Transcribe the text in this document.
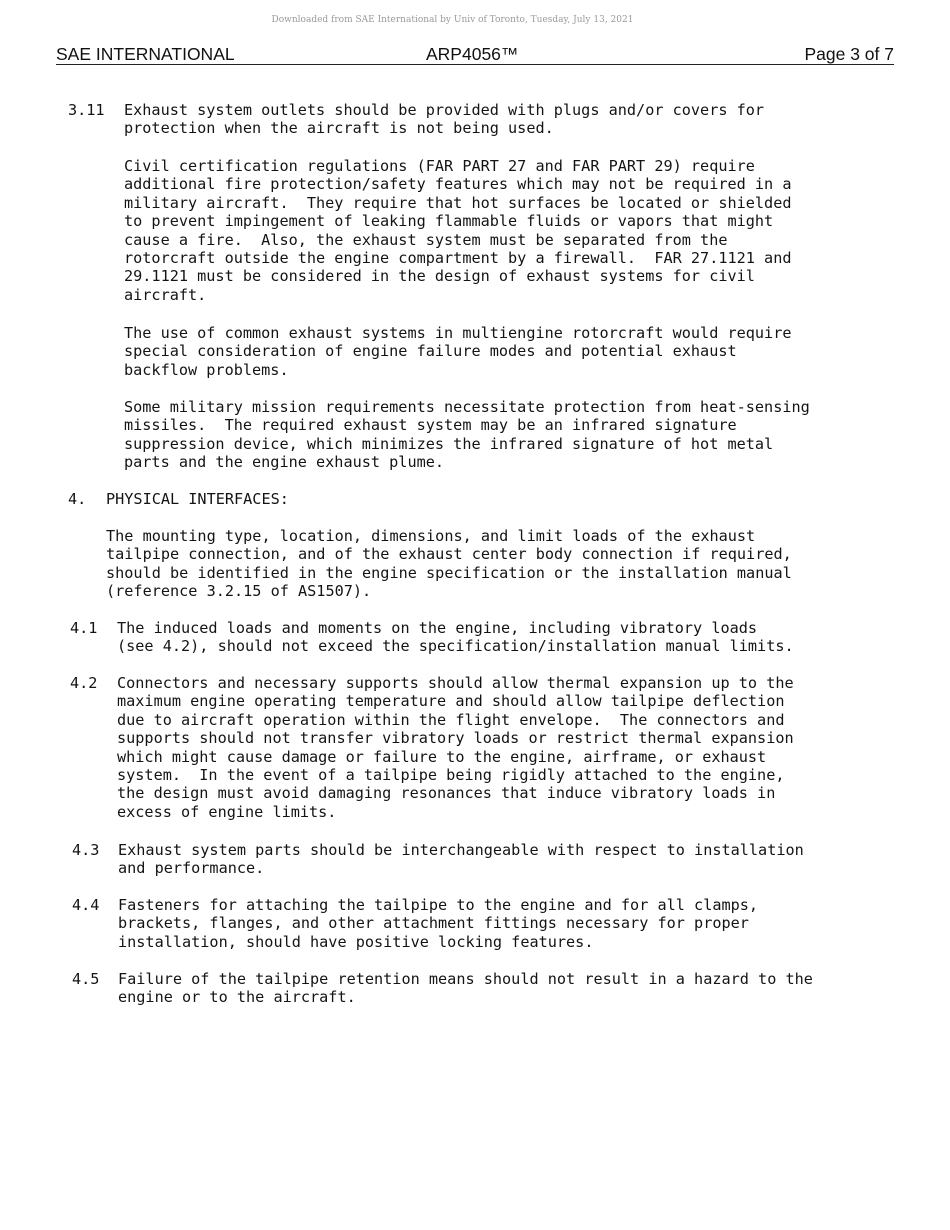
Downloaded from SAE International by Univ of Toronto, Tuesday, July 13, 2021
SAE INTERNATIONAL	ARP4056™	Page 3 of 7
3.11 Exhaust system outlets should be provided with plugs and/or covers for
protection when the aircraft is not being used.
Civil certification regulations (FAR PART 27 and FAR PART 29) require
additional fire protection/safety features which may not be required in a
military aircraft.  They require that hot surfaces be located or shielded
to prevent impingement of leaking flammable fluids or vapors that might
cause a fire.  Also, the exhaust system must be separated from the
rotorcraft outside the engine compartment by a firewall.  FAR 27.1121 and
29.1121 must be considered in the design of exhaust systems for civil
aircraft.
The use of common exhaust systems in multiengine rotorcraft would require
special consideration of engine failure modes and potential exhaust
backflow problems.
Some military mission requirements necessitate protection from heat-sensing
missiles.  The required exhaust system may be an infrared signature
suppression device, which minimizes the infrared signature of hot metal
parts and the engine exhaust plume.
4. PHYSICAL INTERFACES:
The mounting type, location, dimensions, and limit loads of the exhaust
tailpipe connection, and of the exhaust center body connection if required,
should be identified in the engine specification or the installation manual
(reference 3.2.15 of AS1507).
4.1 The induced loads and moments on the engine, including vibratory loads
(see 4.2), should not exceed the specification/installation manual limits.
4.2 Connectors and necessary supports should allow thermal expansion up to the
maximum engine operating temperature and should allow tailpipe deflection
due to aircraft operation within the flight envelope.  The connectors and
supports should not transfer vibratory loads or restrict thermal expansion
which might cause damage or failure to the engine, airframe, or exhaust
system.  In the event of a tailpipe being rigidly attached to the engine,
the design must avoid damaging resonances that induce vibratory loads in
excess of engine limits.
4.3 Exhaust system parts should be interchangeable with respect to installation
and performance.
4.4 Fasteners for attaching the tailpipe to the engine and for all clamps,
brackets, flanges, and other attachment fittings necessary for proper
installation, should have positive locking features.
4.5 Failure of the tailpipe retention means should not result in a hazard to the
engine or to the aircraft.
